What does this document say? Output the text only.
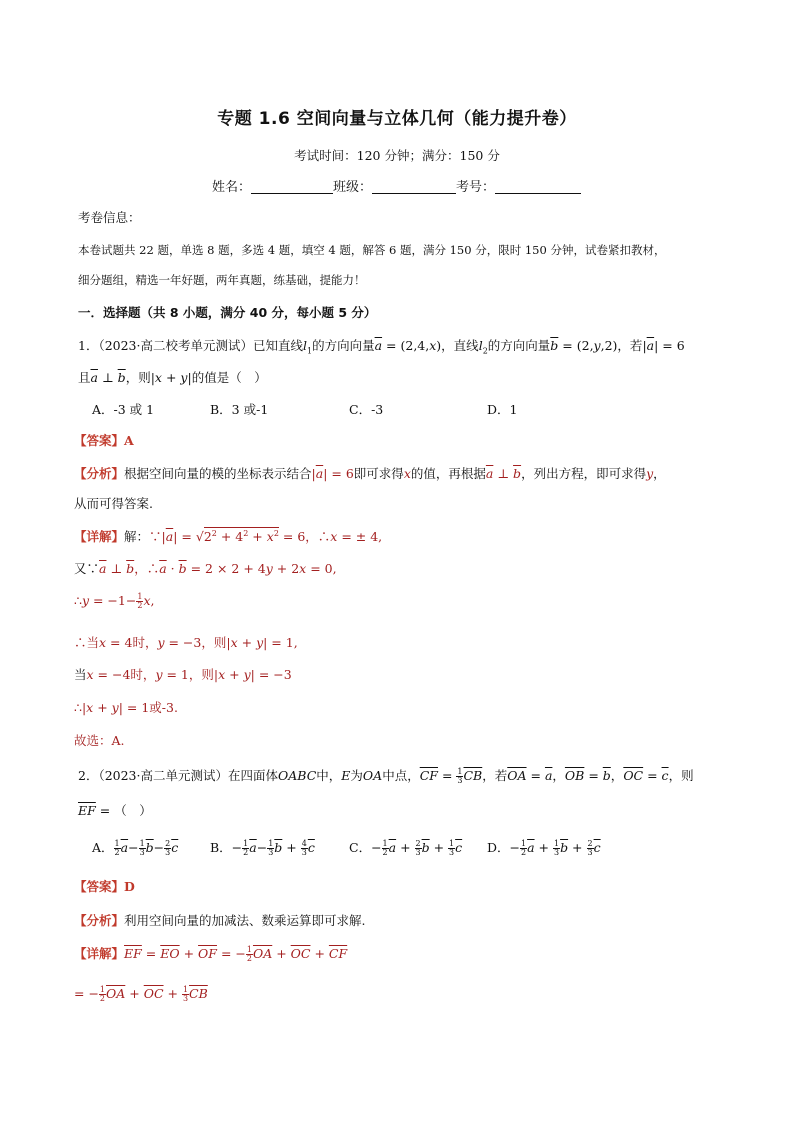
专题 1.6 空间向量与立体几何（能力提升卷）
考试时间：120 分钟；满分：150 分
姓名：	班级：	考号：
考卷信息：
本卷试题共 22 题，单选 8 题，多选 4 题，填空 4 题，解答 6 题，满分 150 分，限时 150 分钟，试卷紧扣教材，
细分题组，精选一年好题，两年真题，练基础，提能力！
一．选择题（共 8 小题，满分 40 分，每小题 5 分）
1．（2023·高二校考单元测试）已知直线$l_1$的方向向量$\overline{a} = (2,4,x)$，直线$l_2$的方向向量$\overline{b} = (2,y,2)$，若$|\overline{a}| = 6$
且$\overline{a}$ ⊥ $\overline{b}$，则|x + y|的值是（　）
A．-3 或 1	B．3 或-1	C．-3	D．1
【答案】A
【分析】根据空间向量的模的坐标表示结合$|\overline{a}| = 6$即可求得x的值，再根据$\overline{a}$ ⊥ $\overline{b}$，列出方程，即可求得y，
从而可得答案.
【详解】解：$\because|\overline{a}| = √2^2 + 4^2 + x^2 = 6$，∴x = ± 4,
又$\because\overline{a}$ ⊥ $\overline{b}$，$\therefore\overline{a} \cdot \overline{b} = 2 \times 2 + 4y + 2x = 0$,
∴y = $-1- \frac{1}{2} x$,
∴当x = 4时，y = −3，则|x + y| = 1,
当x = −4时，y = 1，则|x + y| = −3
∴|x + y| = 1或-3.
故选：A.
2．（2023·高二单元测试）在四面体OABC中，E为OA中点，$\overline{CF} = \frac{1}{3} \overline{CB}$，若$\overline{OA} = \overline{a}$，$\overline{OB} = \overline{b}$，$\overline{OC} = \overline{c}$，则
$\overline{EF}$ = （　）
A． $\frac{1}{2} \overline{a}- \frac{1}{3} \overline{b}- \frac{2}{3} \overline{c}$	B．− $\frac{1}{2} \overline{a}- \frac{1}{3} \overline{b} + \frac{4}{3} \overline{c}$	C．− $\frac{1}{2} \overline{a} + \frac{2}{3} \overline{b} + \frac{1}{3} \overline{c}$ D．− $\frac{1}{2} \overline{a} + \frac{1}{3} \overline{b} + \frac{2}{3} \overline{c}$
【答案】D
【分析】利用空间向量的加减法、数乘运算即可求解.
【详解】$\overline{EF} = \overline{EO} + \overline{OF}$ = − $\frac{1}{2} \overline{OA} + \overline{OC} + \overline{CF}$
= − $\frac{1}{2} \overline{OA} + \overline{OC} + \frac{1}{3} \overline{CB}$
